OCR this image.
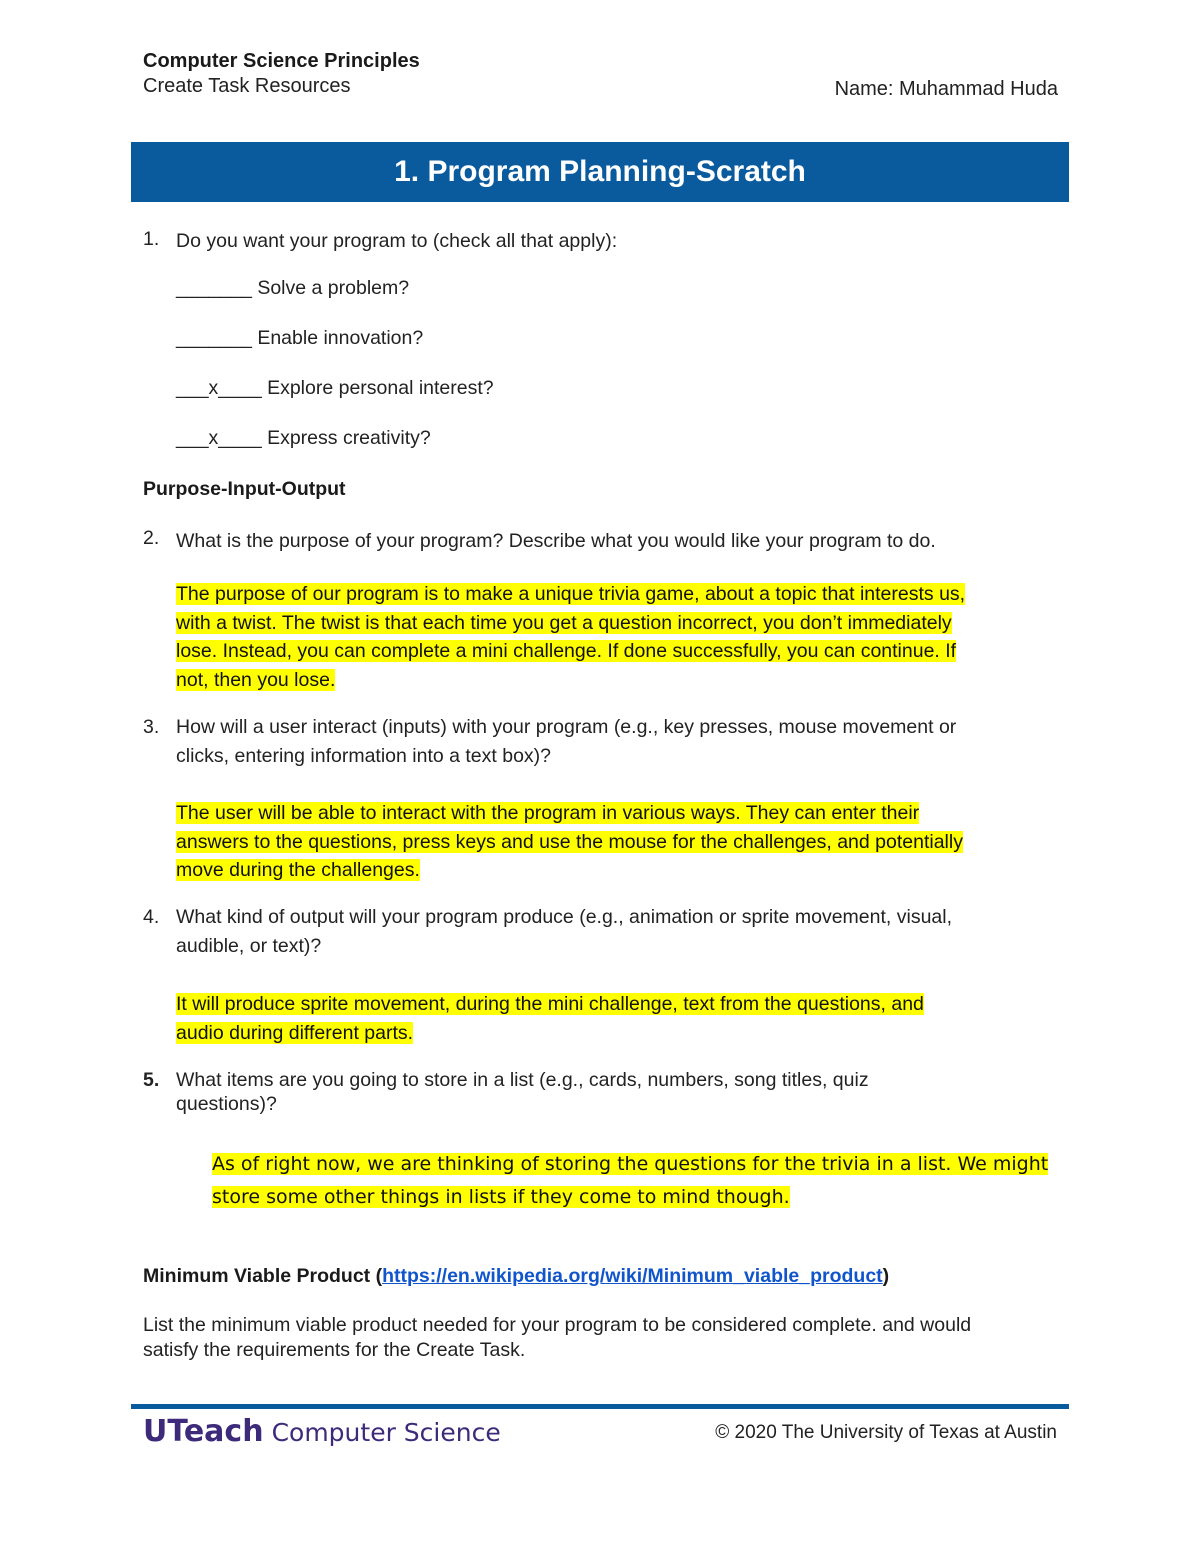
Computer Science Principles
Create Task Resources	Name: Muhammad Huda
1. Program Planning-Scratch
1. Do you want your program to (check all that apply):
_______ Solve a problem?
_______ Enable innovation?
___x____ Explore personal interest?
___x____ Express creativity?
Purpose-Input-Output
2. What is the purpose of your program? Describe what you would like your program to do.
The purpose of our program is to make a unique trivia game, about a topic that interests us,
with a twist. The twist is that each time you get a question incorrect, you don’t immediately
lose. Instead, you can complete a mini challenge. If done successfully, you can continue. If
not, then you lose.
3. How will a user interact (inputs) with your program (e.g., key presses, mouse movement or
clicks, entering information into a text box)?
The user will be able to interact with the program in various ways. They can enter their
answers to the questions, press keys and use the mouse for the challenges, and potentially
move during the challenges.
4. What kind of output will your program produce (e.g., animation or sprite movement, visual,
audible, or text)?
It will produce sprite movement, during the mini challenge, text from the questions, and
audio during different parts.
5. What items are you going to store in a list (e.g., cards, numbers, song titles, quiz
questions)?
As of right now, we are thinking of storing the questions for the trivia in a list. We might
store some other things in lists if they come to mind though.
Minimum Viable Product (https://en.wikipedia.org/wiki/Minimum_viable_product)
List the minimum viable product needed for your program to be considered complete. and would
satisfy the requirements for the Create Task.
UTeach Computer Science	© 2020 The University of Texas at Austin
